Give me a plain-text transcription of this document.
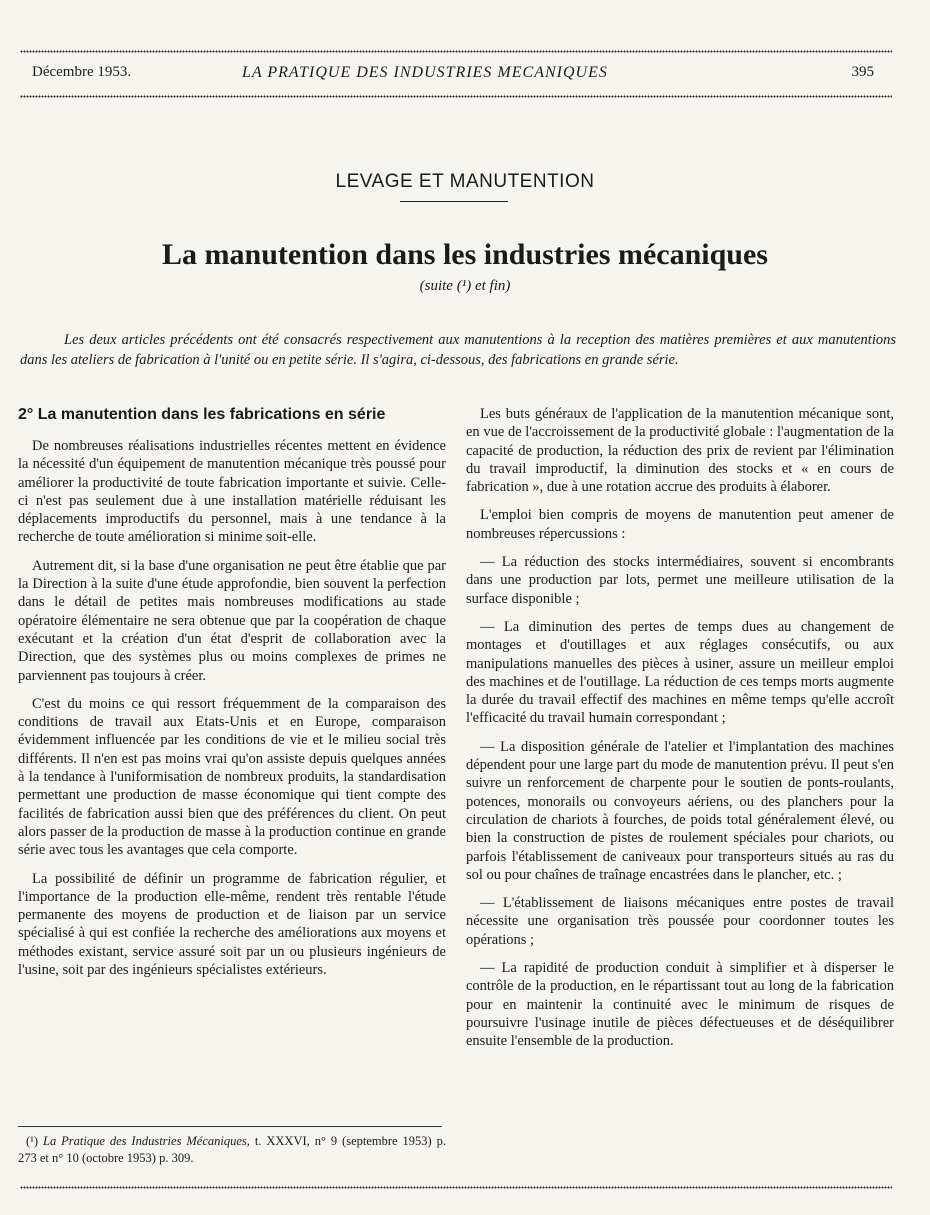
Décembre 1953.	LA PRATIQUE DES INDUSTRIES MECANIQUES	395
LEVAGE ET MANUTENTION
La manutention dans les industries mécaniques
(suite (¹) et fin)

Les deux articles précédents ont été consacrés respectivement aux manutentions à la reception des matières premières et aux manutentions dans les ateliers de fabrication à l'unité ou en petite série. Il s'agira, ci-dessous, des fabrications en grande série.

2° La manutention dans les fabrications en série

De nombreuses réalisations industrielles récentes mettent en évidence la nécessité d'un équipement de manutention mécanique très poussé pour améliorer la productivité de toute fabrication importante et suivie. Celle-ci n'est pas seulement due à une installation matérielle réduisant les déplacements improductifs du personnel, mais à une tendance à la recherche de toute amélioration si minime soit-elle.

Autrement dit, si la base d'une organisation ne peut être établie que par la Direction à la suite d'une étude approfondie, bien souvent la perfection dans le détail de petites mais nombreuses modifications au stade opératoire élémentaire ne sera obtenue que par la coopération de chaque exécutant et la création d'un état d'esprit de collaboration avec la Direction, que des systèmes plus ou moins complexes de primes ne parviennent pas toujours à créer.

C'est du moins ce qui ressort fréquemment de la comparaison des conditions de travail aux Etats-Unis et en Europe, comparaison évidemment influencée par les conditions de vie et le milieu social très différents. Il n'en est pas moins vrai qu'on assiste depuis quelques années à la tendance à l'uniformisation de nombreux produits, la standardisation permettant une production de masse économique qui tient compte des facilités de fabrication aussi bien que des préférences du client. On peut alors passer de la production de masse à la production continue en grande série avec tous les avantages que cela comporte.

La possibilité de définir un programme de fabrication régulier, et l'importance de la production elle-même, rendent très rentable l'étude permanente des moyens de production et de liaison par un service spécialisé à qui est confiée la recherche des améliorations aux moyens et méthodes existant, service assuré soit par un ou plusieurs ingénieurs de l'usine, soit par des ingénieurs spécialistes extérieurs.

Les buts généraux de l'application de la manutention mécanique sont, en vue de l'accroissement de la productivité globale : l'augmentation de la capacité de production, la réduction des prix de revient par l'élimination du travail improductif, la diminution des stocks et « en cours de fabrication », due à une rotation accrue des produits à élaborer.

L'emploi bien compris de moyens de manutention peut amener de nombreuses répercussions :

— La réduction des stocks intermédiaires, souvent si encombrants dans une production par lots, permet une meilleure utilisation de la surface disponible ;

— La diminution des pertes de temps dues au changement de montages et d'outillages et aux réglages consécutifs, ou aux manipulations manuelles des pièces à usiner, assure un meilleur emploi des machines et de l'outillage. La réduction de ces temps morts augmente la durée du travail effectif des machines en même temps qu'elle accroît l'efficacité du travail humain correspondant ;

— La disposition générale de l'atelier et l'implantation des machines dépendent pour une large part du mode de manutention prévu. Il peut s'en suivre un renforcement de charpente pour le soutien de ponts-roulants, potences, monorails ou convoyeurs aériens, ou des planchers pour la circulation de chariots à fourches, de poids total généralement élevé, ou bien la construction de pistes de roulement spéciales pour chariots, ou parfois l'établissement de caniveaux pour transporteurs situés au ras du sol ou pour chaînes de traînage encastrées dans le plancher, etc. ;

— L'établissement de liaisons mécaniques entre postes de travail nécessite une organisation très poussée pour coordonner toutes les opérations ;

— La rapidité de production conduit à simplifier et à disperser le contrôle de la production, en le répartissant tout au long de la fabrication pour en maintenir la continuité avec le minimum de risques de poursuivre l'usinage inutile de pièces défectueuses et de déséquilibrer ensuite l'ensemble de la production.

(¹) La Pratique des Industries Mécaniques, t. XXXVI, n° 9 (septembre 1953) p. 273 et n° 10 (octobre 1953) p. 309.
